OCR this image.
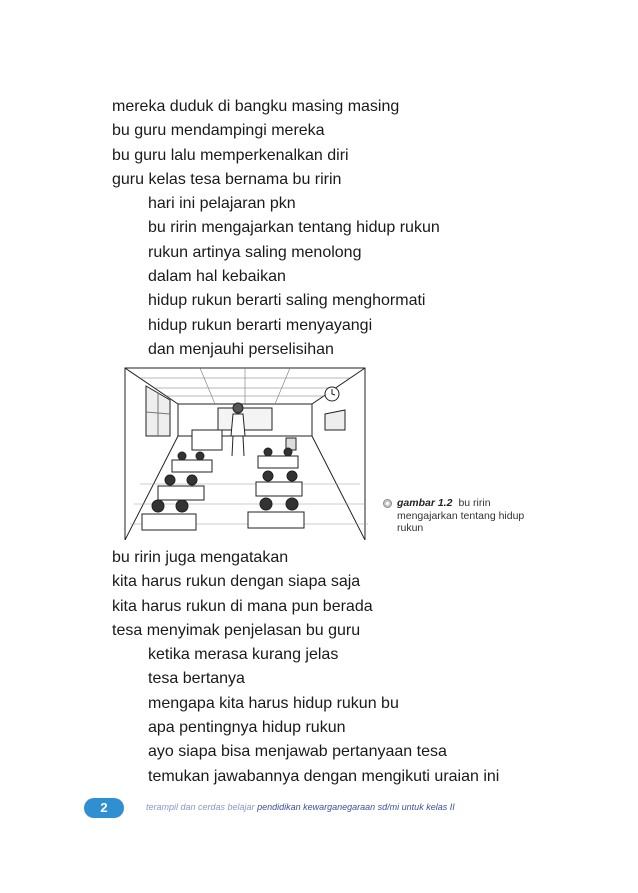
mereka duduk di bangku masing masing
bu guru mendampingi mereka
bu guru lalu memperkenalkan diri
guru kelas tesa bernama bu ririn
hari ini pelajaran pkn
bu ririn mengajarkan tentang hidup rukun
rukun artinya saling menolong
dalam hal kebaikan
hidup rukun berarti saling menghormati
hidup rukun berarti menyayangi
dan menjauhi perselisihan
gambar 1.2 bu ririn
mengajarkan tentang hidup
rukun
bu ririn juga mengatakan
kita harus rukun dengan siapa saja
kita harus rukun di mana pun berada
tesa menyimak penjelasan bu guru
ketika merasa kurang jelas
tesa bertanya
mengapa kita harus hidup rukun bu
apa pentingnya hidup rukun
ayo siapa bisa menjawab pertanyaan tesa
temukan jawabannya dengan mengikuti uraian ini
2	terampil dan cerdas belajar pendidikan kewarganegaraan sd/mi untuk kelas II
